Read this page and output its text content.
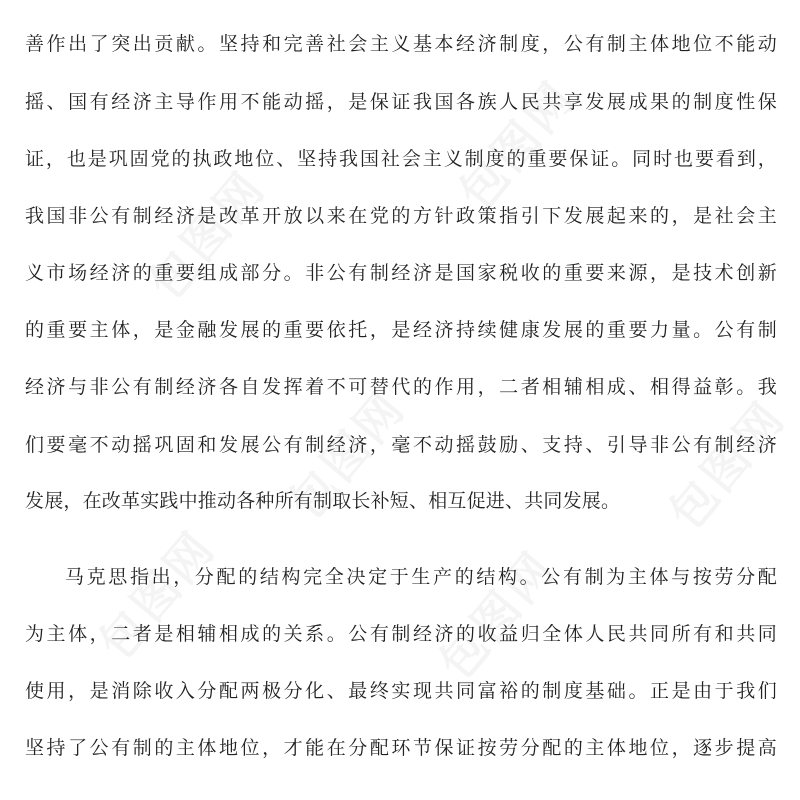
包图网
包图网
包图网
包图网	包图网
包图网
善作出了突出贡献。坚持和完善社会主义基本经济制度，公有制主体地位不能动
摇、国有经济主导作用不能动摇，是保证我国各族人民共享发展成果的制度性保
证，也是巩固党的执政地位、坚持我国社会主义制度的重要保证。同时也要看到，
我国非公有制经济是改革开放以来在党的方针政策指引下发展起来的，是社会主
义市场经济的重要组成部分。非公有制经济是国家税收的重要来源，是技术创新
的重要主体，是金融发展的重要依托，是经济持续健康发展的重要力量。公有制
经济与非公有制经济各自发挥着不可替代的作用，二者相辅相成、相得益彰。我
们要毫不动摇巩固和发展公有制经济，毫不动摇鼓励、支持、引导非公有制经济
发展，在改革实践中推动各种所有制取长补短、相互促进、共同发展。
马克思指出，分配的结构完全决定于生产的结构。公有制为主体与按劳分配
为主体，二者是相辅相成的关系。公有制经济的收益归全体人民共同所有和共同
使用，是消除收入分配两极分化、最终实现共同富裕的制度基础。正是由于我们
坚持了公有制的主体地位，才能在分配环节保证按劳分配的主体地位，逐步提高
